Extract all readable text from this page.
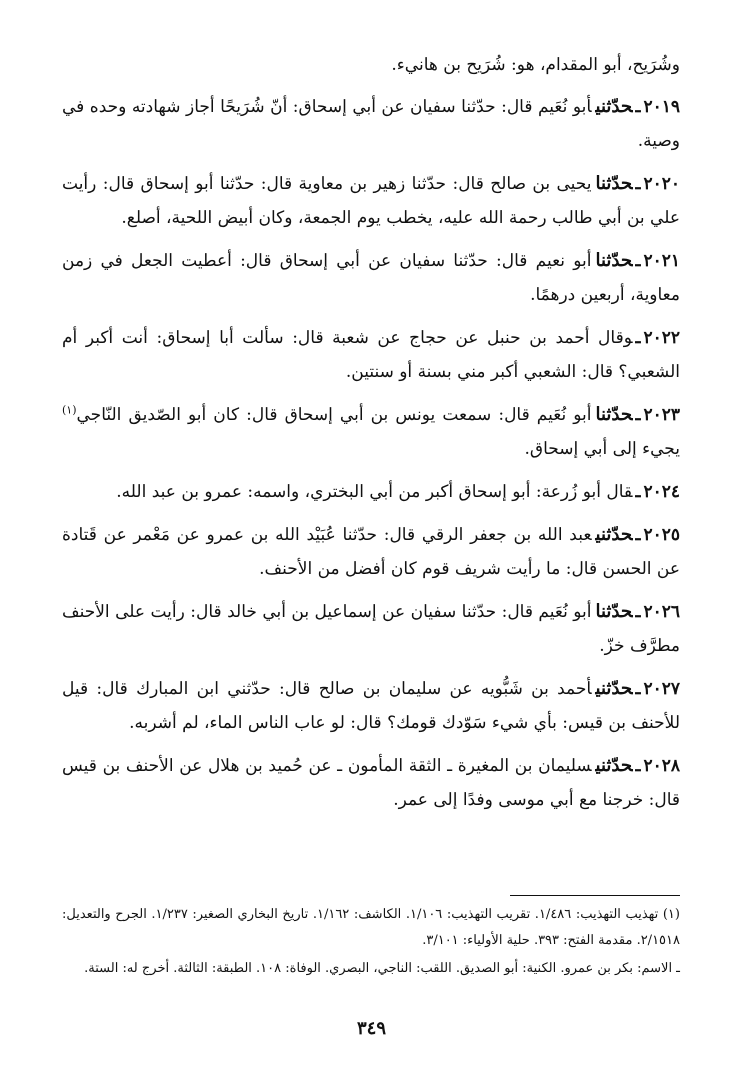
وشُرَيح، أبو المقدام، هو: شُرَيح بن هانيء.

٢٠١٩ـحدّثنيأبو نُعَيم قال: حدّثنا سفيان عن أبي إسحاق: أنّ شُرَيحًا أجاز شهادته وحده في وصية.

٢٠٢٠ـحدّثنايحيى بن صالح قال: حدّثنا زهير بن معاوية قال: حدّثنا أبو إسحاق قال: رأيت علي بن أبي طالب رحمة الله عليه، يخطب يوم الجمعة، وكان أبيض اللحية، أصلع.

٢٠٢١ـحدّثناأبو نعيم قال: حدّثنا سفيان عن أبي إسحاق قال: أعطيت الجعل في زمن معاوية، أربعين درهمًا.

٢٠٢٢ـوقال أحمد بن حنبل عن حجاج عن شعبة قال: سألت أبا إسحاق: أنت أكبر أم الشعبي؟ قال: الشعبي أكبر مني بسنة أو سنتين.

٢٠٢٣ـحدّثناأبو نُعَيم قال: سمعت يونس بن أبي إسحاق قال: كان أبو الصّديق النّاجي$^{(١)}$ يجيء إلى أبي إسحاق.

٢٠٢٤ـقال أبو زُرعة: أبو إسحاق أكبر من أبي البختري، واسمه: عمرو بن عبد الله.

٢٠٢٥ـحدّثنيعبد الله بن جعفر الرقي قال: حدّثنا عُبَيْد الله بن عمرو عن مَعْمر عن قَتادة عن الحسن قال: ما رأيت شريف قوم كان أفضل من الأحنف.

٢٠٢٦ـحدّثناأبو نُعَيم قال: حدّثنا سفيان عن إسماعيل بن أبي خالد قال: رأيت على الأحنف مطرَّف خزّ.

٢٠٢٧ـحدّثنيأحمد بن شَبُّويه عن سليمان بن صالح قال: حدّثني ابن المبارك قال: قيل للأحنف بن قيس: بأي شيء سَوّدك قومك؟ قال: لو عاب الناس الماء، لم أشربه.

٢٠٢٨ـحدّثنيسليمان بن المغيرة ـ الثقة المأمون ـ عن حُميد بن هلال عن الأحنف بن قيس قال: خرجنا مع أبي موسى وفدًا إلى عمر.

(١) تهذيب التهذيب: ١/٤٨٦. تقريب التهذيب: ١/١٠٦. الكاشف: ١/١٦٢. تاريخ البخاري الصغير: ١/٢٣٧. الجرح والتعديل: ٢/١٥١٨. مقدمة الفتح: ٣٩٣. حلية الأولياء: ٣/١٠١.

ـ الاسم: بكر بن عمرو. الكنية: أبو الصديق. اللقب: الناجي، البصري. الوفاة: ١٠٨. الطبقة: الثالثة. أخرج له: الستة.

٣٤٩
